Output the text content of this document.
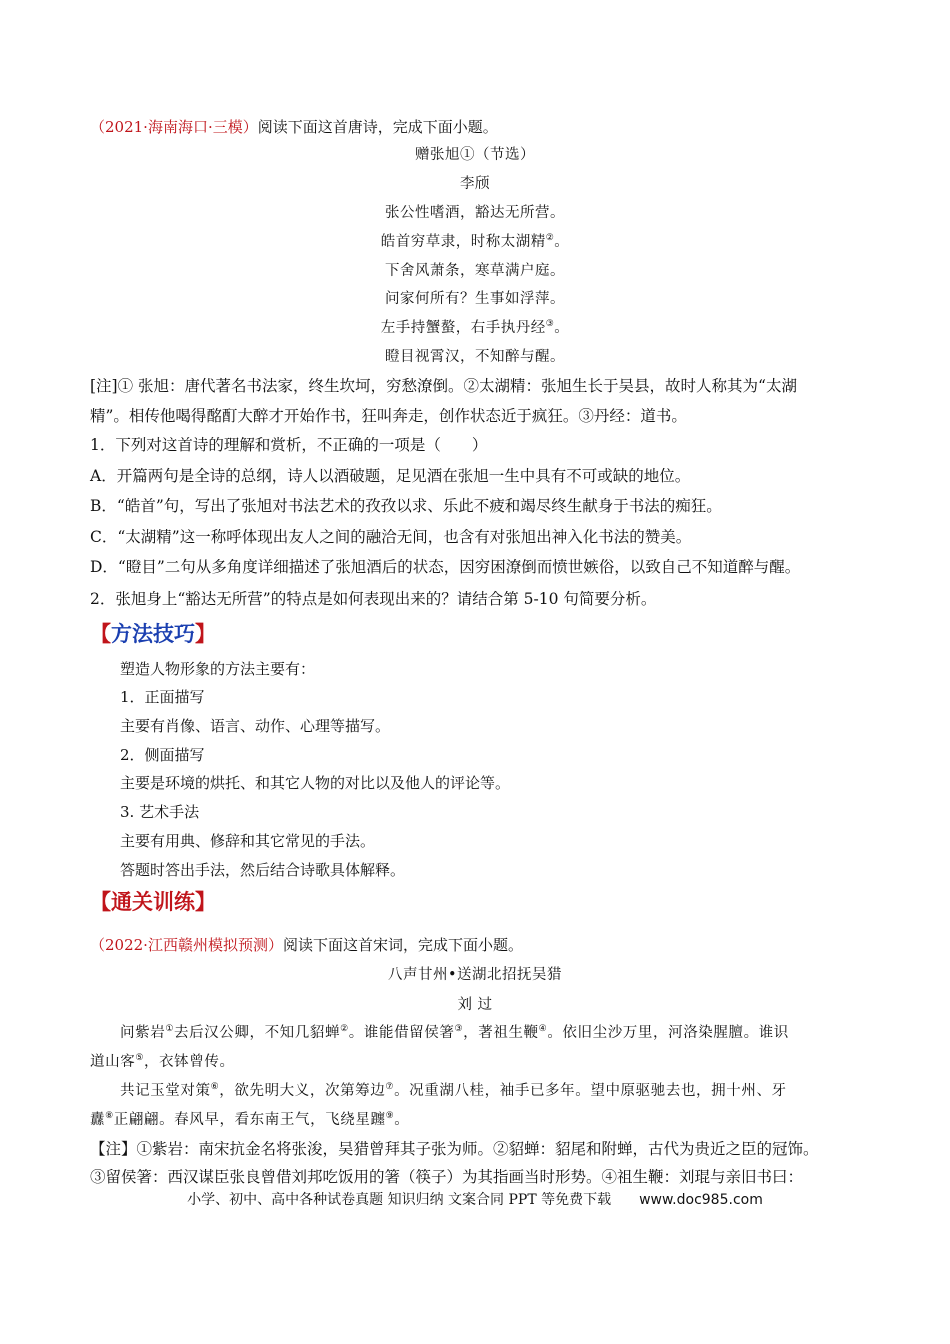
（2021·海南海口·三模）阅读下面这首唐诗，完成下面小题。
赠张旭①（节选）
李颀
张公性嗜酒，豁达无所营。
皓首穷草隶，时称太湖精②。
下舍风萧条，寒草满户庭。
问家何所有？生事如浮萍。
左手持蟹螯，右手执丹经③。
瞪目视霄汉，不知醉与醒。
[注]① 张旭：唐代著名书法家，终生坎坷，穷愁潦倒。②太湖精：张旭生长于吴县，故时人称其为“太湖
精”。相传他喝得酩酊大醉才开始作书，狂叫奔走，创作状态近于疯狂。③丹经：道书。
1．下列对这首诗的理解和赏析，不正确的一项是（　　）
A．开篇两句是全诗的总纲，诗人以酒破题，足见酒在张旭一生中具有不可或缺的地位。
B．“皓首”句，写出了张旭对书法艺术的孜孜以求、乐此不疲和竭尽终生献身于书法的痴狂。
C．“太湖精”这一称呼体现出友人之间的融洽无间，也含有对张旭出神入化书法的赞美。
D．“瞪目”二句从多角度详细描述了张旭酒后的状态，因穷困潦倒而愤世嫉俗，以致自己不知道醉与醒。
2．张旭身上“豁达无所营”的特点是如何表现出来的？请结合第 5-10 句简要分析。
【方法技巧】
塑造人物形象的方法主要有：
1．正面描写
主要有肖像、语言、动作、心理等描写。
2．侧面描写
主要是环境的烘托、和其它人物的对比以及他人的评论等。
3. 艺术手法
主要有用典、修辞和其它常见的手法。
答题时答出手法，然后结合诗歌具体解释。
【通关训练】
（2022·江西赣州模拟预测）阅读下面这首宋词，完成下面小题。
八声甘州•送湖北招抚吴猎
刘 过
问紫岩①去后汉公卿，不知几貂蝉②。谁能借留侯箸③，著祖生鞭④。依旧尘沙万里，河洛染腥膻。谁识
道山客⑤，衣钵曾传。
共记玉堂对策⑥，欲先明大义，次第筹边⑦。况重湖八桂，袖手已多年。望中原驱驰去也，拥十州、牙
纛⑧正翩翩。春风早，看东南王气，飞绕星躔⑨。
【注】①紫岩：南宋抗金名将张浚，吴猎曾拜其子张为师。②貂蝉：貂尾和附蝉，古代为贵近之臣的冠饰。
③留侯箸：西汉谋臣张良曾借刘邦吃饭用的箸（筷子）为其指画当时形势。④祖生鞭：刘琨与亲旧书曰：
小学、初中、高中各种试卷真题 知识归纳 文案合同 PPT 等免费下载 www.doc985.com
